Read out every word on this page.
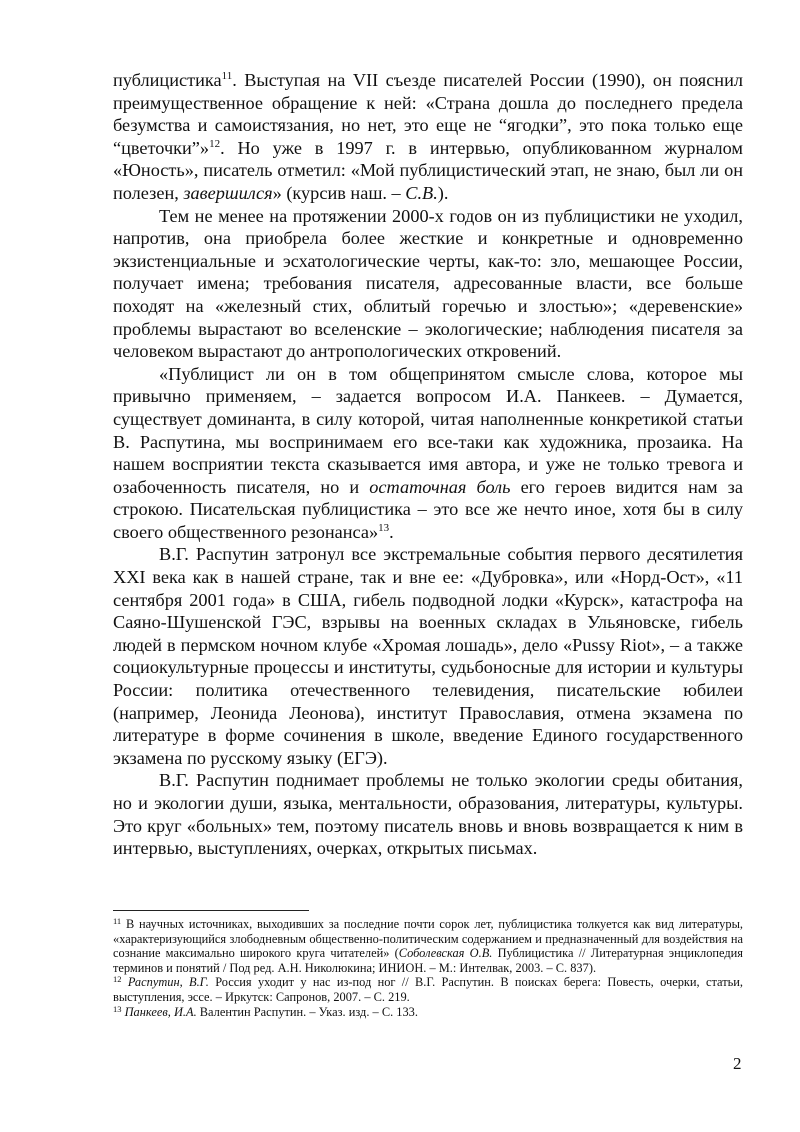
публицистика$^{11}$. Выступая на VII съезде писателей России (1990), он пояснил преимущественное обращение к ней: «Страна дошла до последнего предела безумства и самоистязания, но нет, это еще не “ягодки”, это пока только еще “цветочки”»$^{12}$. Но уже в 1997 г. в интервью, опубликованном журналом «Юность», писатель отметил: «Мой публицистический этап, не знаю, был ли он полезен, завершился» (курсив наш. – С.В.).

Тем не менее на протяжении 2000-х годов он из публицистики не уходил, напротив, она приобрела более жесткие и конкретные и одновременно экзистенциальные и эсхатологические черты, как-то: зло, мешающее России, получает имена; требования писателя, адресованные власти, все больше походят на «железный стих, облитый горечью и злостью»; «деревенские» проблемы вырастают во вселенские – экологические; наблюдения писателя за человеком вырастают до антропологических откровений.

«Публицист ли он в том общепринятом смысле слова, которое мы привычно применяем, – задается вопросом И.А. Панкеев. – Думается, существует доминанта, в силу которой, читая наполненные конкретикой статьи В. Распутина, мы воспринимаем его все-таки как художника, прозаика. На нашем восприятии текста сказывается имя автора, и уже не только тревога и озабоченность писателя, но и остаточная боль его героев видится нам за строкою. Писательская публицистика – это все же нечто иное, хотя бы в силу своего общественного резонанса»$^{13}$.

В.Г. Распутин затронул все экстремальные события первого десятилетия XXI века как в нашей стране, так и вне ее: «Дубровка», или «Норд-Ост», «11 сентября 2001 года» в США, гибель подводной лодки «Курск», катастрофа на Саяно-Шушенской ГЭС, взрывы на военных складах в Ульяновске, гибель людей в пермском ночном клубе «Хромая лошадь», дело «Pussy Riot», – а также социокультурные процессы и институты, судьбоносные для истории и культуры России: политика отечественного телевидения, писательские юбилеи (например, Леонида Леонова), институт Православия, отмена экзамена по литературе в форме сочинения в школе, введение Единого государственного экзамена по русскому языку (ЕГЭ).

В.Г. Распутин поднимает проблемы не только экологии среды обитания, но и экологии души, языка, ментальности, образования, литературы, культуры. Это круг «больных» тем, поэтому писатель вновь и вновь возвращается к ним в интервью, выступлениях, очерках, открытых письмах.

$^{11}$ В научных источниках, выходивших за последние почти сорок лет, публицистика толкуется как вид литературы, «характеризующийся злободневным общественно-политическим содержанием и предназначенный для воздействия на сознание максимально широкого круга читателей» (Соболевская О.В. Публицистика // Литературная энциклопедия терминов и понятий / Под ред. А.Н. Николюкина; ИНИОН. – М.: Интелвак, 2003. – С. 837).

$^{12}$ Распутин, В.Г. Россия уходит у нас из-под ног // В.Г. Распутин. В поисках берега: Повесть, очерки, статьи, выступления, эссе. – Иркутск: Сапронов, 2007. – С. 219.

$^{13}$ Панкеев, И.А. Валентин Распутин. – Указ. изд. – С. 133.

2
